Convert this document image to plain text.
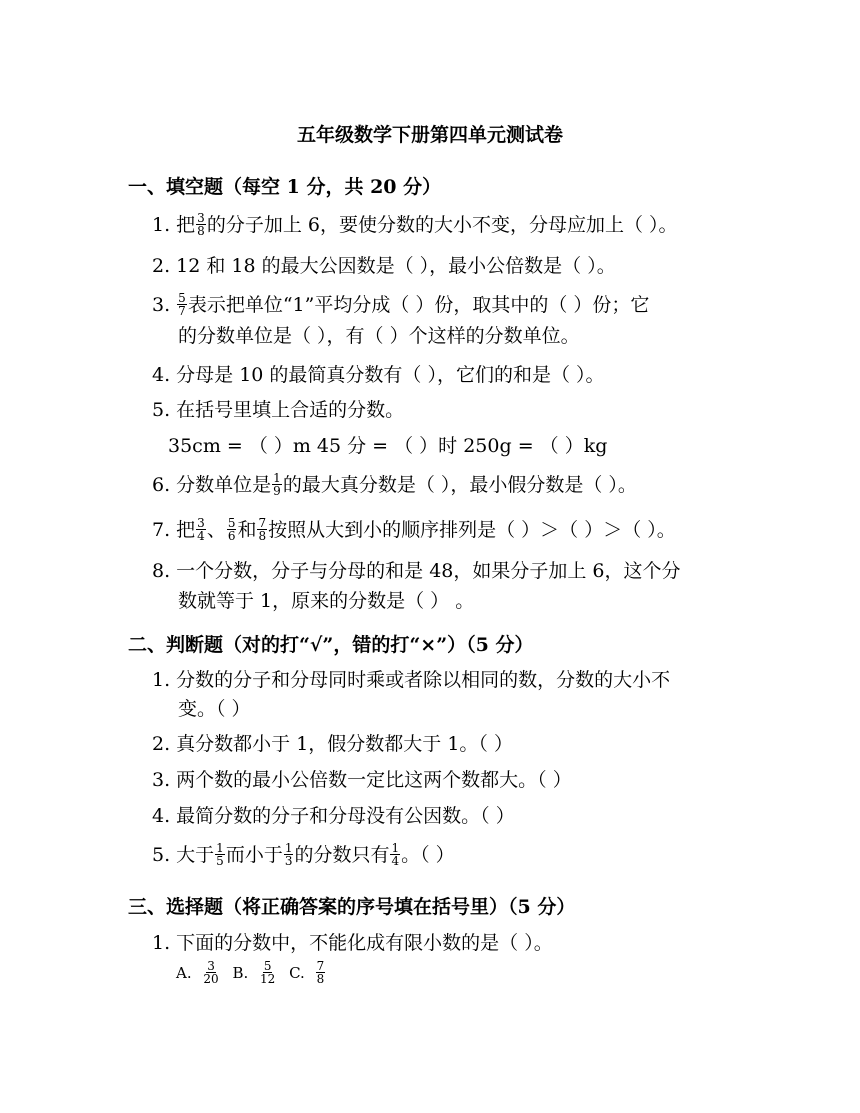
五年级数学下册第四单元测试卷
一、填空题（每空 1 分，共 20 分）
1. 把 $\frac{3}{8}$ 的分子加上 6，要使分数的大小不变，分母应加上（ ）。
2. 12 和 18 的最大公因数是（ ），最小公倍数是（ ）。
3. $\frac{5}{7}$ 表示把单位“1”平均分成（ ）份，取其中的（ ）份；它
的分数单位是（ ），有（ ）个这样的分数单位。
4. 分母是 10 的最简真分数有（ ），它们的和是（ ）。
5. 在括号里填上合适的分数。
35cm = （ ）m 45 分 = （ ）时 250g = （ ）kg
6. 分数单位是 $\frac{1}{9}$ 的最大真分数是（ ），最小假分数是（ ）。
7. 把 $\frac{3}{4}$ 、 $\frac{5}{6}$ 和 $\frac{7}{8}$ 按照从大到小的顺序排列是（ ）＞（ ）＞（ ）。
8. 一个分数，分子与分母的和是 48，如果分子加上 6，这个分
数就等于 1，原来的分数是（ ） 。
二、判断题（对的打“√”，错的打“×”）（5 分）
1. 分数的分子和分母同时乘或者除以相同的数，分数的大小不
变。（ ）
2. 真分数都小于 1，假分数都大于 1。（ ）
3. 两个数的最小公倍数一定比这两个数都大。（ ）
4. 最简分数的分子和分母没有公因数。（ ）
5. 大于 $\frac{1}{5}$ 而小于 $\frac{1}{3}$ 的分数只有 $\frac{1}{4}$ 。（ ）
三、选择题（将正确答案的序号填在括号里）（5 分）
1. 下面的分数中，不能化成有限小数的是（ ）。
A. $\frac{3}{20} B$. $\frac{5}{12} C$. $\frac{7}{8}$
